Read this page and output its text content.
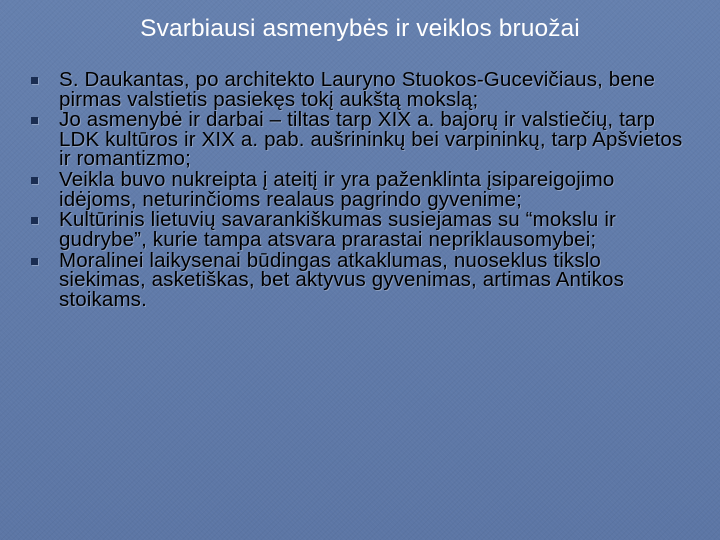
Svarbiausi asmenybės ir veiklos bruožai
S. Daukantas, po architekto Lauryno Stuokos-Gucevičiaus, bene pirmas valstietis pasiekęs tokį aukštą mokslą;
Jo asmenybė ir darbai – tiltas tarp XIX a. bajorų ir valstiečių, tarp LDK kultūros ir XIX a. pab. aušrininkų bei varpininkų, tarp Apšvietos ir romantizmo;
Veikla buvo nukreipta į ateitį ir yra paženklinta įsipareigojimo idėjoms, neturinčioms realaus pagrindo gyvenime;
Kultūrinis lietuvių savarankiškumas susiejamas su “mokslu ir gudrybe”, kurie tampa atsvara prarastai nepriklausomybei;
Moralinei laikysenai būdingas atkaklumas, nuoseklus tikslo siekimas, asketiškas, bet aktyvus gyvenimas, artimas Antikos stoikams.
